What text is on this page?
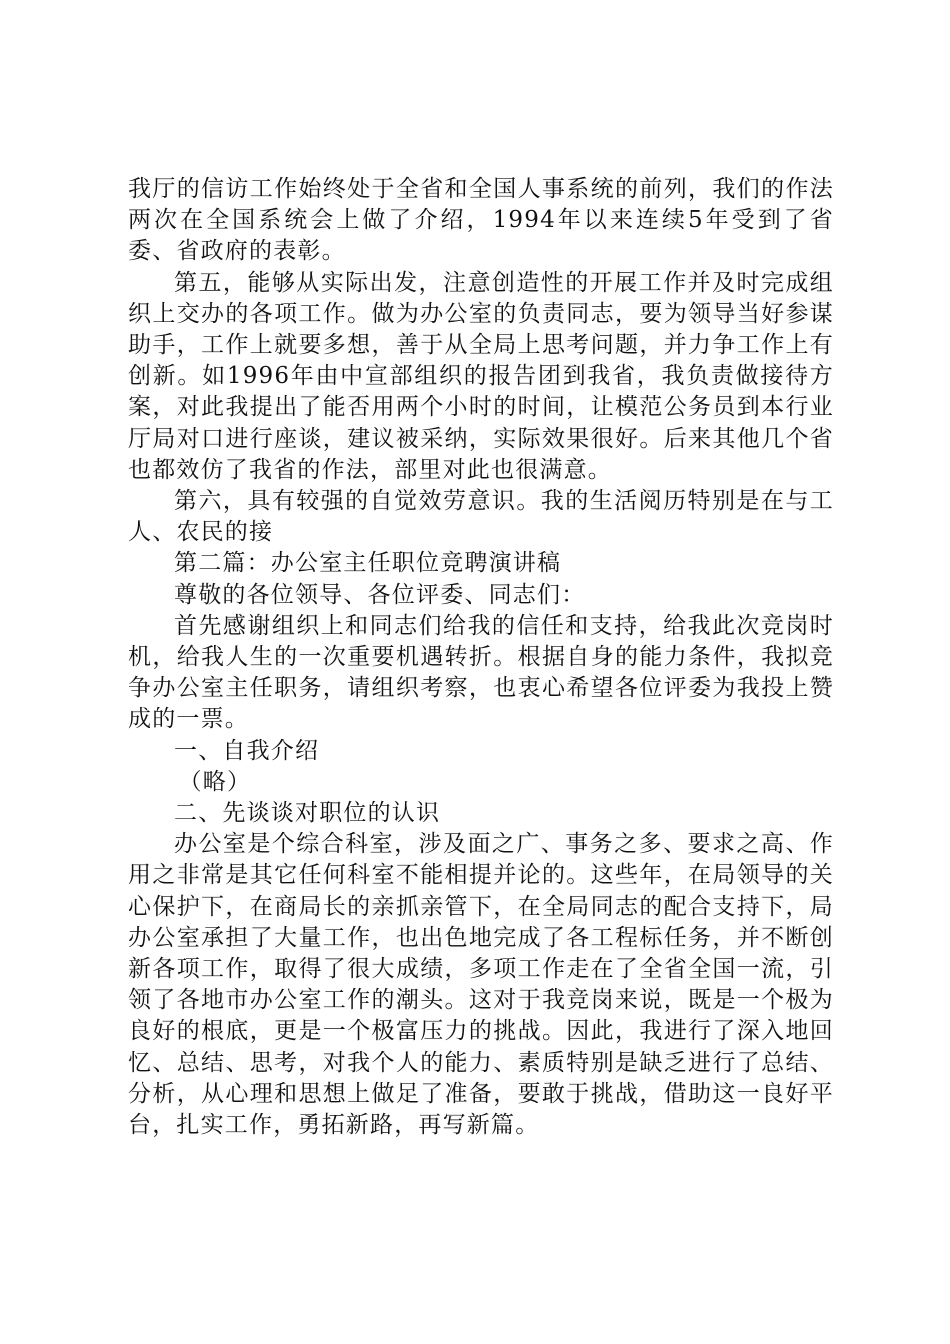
我厅的信访工作始终处于全省和全国人事系统的前列，我们的作法两次在全国系统会上做了介绍，1994年以来连续5年受到了省委、省政府的表彰。

第五，能够从实际出发，注意创造性的开展工作并及时完成组织上交办的各项工作。做为办公室的负责同志，要为领导当好参谋助手，工作上就要多想，善于从全局上思考问题，并力争工作上有创新。如1996年由中宣部组织的报告团到我省，我负责做接待方案，对此我提出了能否用两个小时的时间，让模范公务员到本行业厅局对口进行座谈，建议被采纳，实际效果很好。后来其他几个省也都效仿了我省的作法，部里对此也很满意。

第六，具有较强的自觉效劳意识。我的生活阅历特别是在与工人、农民的接

第二篇：办公室主任职位竞聘演讲稿

尊敬的各位领导、各位评委、同志们：

首先感谢组织上和同志们给我的信任和支持，给我此次竞岗时机，给我人生的一次重要机遇转折。根据自身的能力条件，我拟竞争办公室主任职务，请组织考察，也衷心希望各位评委为我投上赞成的一票。

一、自我介绍

（略）

二、先谈谈对职位的认识

办公室是个综合科室，涉及面之广、事务之多、要求之高、作用之非常是其它任何科室不能相提并论的。这些年，在局领导的关心保护下，在商局长的亲抓亲管下，在全局同志的配合支持下，局办公室承担了大量工作，也出色地完成了各工程标任务，并不断创新各项工作，取得了很大成绩，多项工作走在了全省全国一流，引领了各地市办公室工作的潮头。这对于我竞岗来说，既是一个极为良好的根底，更是一个极富压力的挑战。因此，我进行了深入地回忆、总结、思考，对我个人的能力、素质特别是缺乏进行了总结、分析，从心理和思想上做足了准备，要敢于挑战，借助这一良好平台，扎实工作，勇拓新路，再写新篇。
